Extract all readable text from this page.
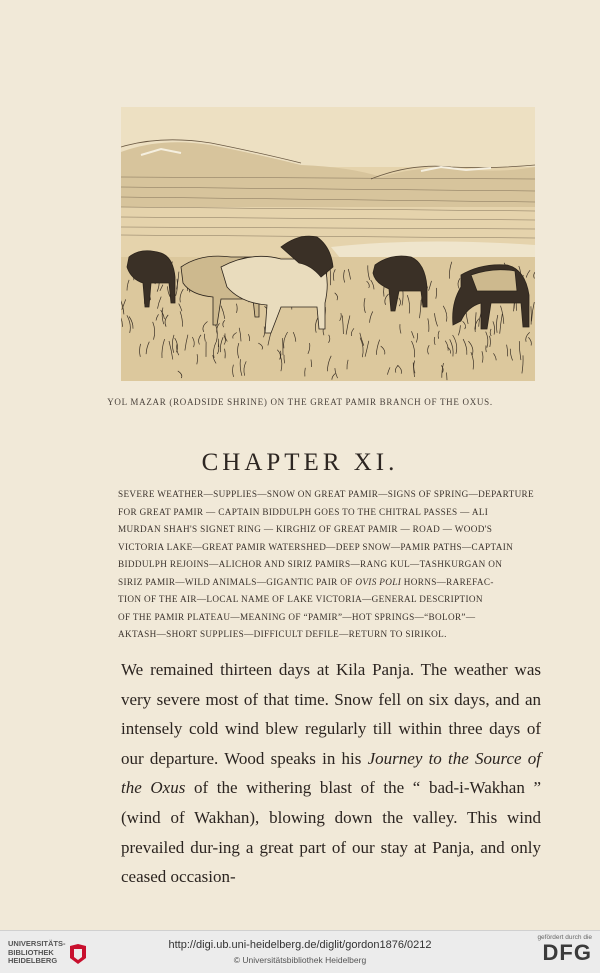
YOL MAZAR (ROADSIDE SHRINE) ON THE GREAT PAMIR BRANCH OF THE OXUS.
CHAPTER XI.
SEVERE WEATHER—SUPPLIES—SNOW ON GREAT PAMIR—SIGNS OF SPRING—DEPARTURE
FOR GREAT PAMIR — CAPTAIN BIDDULPH GOES TO THE CHITRAL PASSES — ALI
MURDAN SHAH'S SIGNET RING — KIRGHIZ OF GREAT PAMIR — ROAD — WOOD'S
VICTORIA LAKE—GREAT PAMIR WATERSHED—DEEP SNOW—PAMIR PATHS—CAPTAIN
BIDDULPH REJOINS—ALICHOR AND SIRIZ PAMIRS—RANG KUL—TASHKURGAN ON
SIRIZ PAMIR—WILD ANIMALS—GIGANTIC PAIR OF OVIS POLI HORNS—RAREFAC-
TION OF THE AIR—LOCAL NAME OF LAKE VICTORIA—GENERAL DESCRIPTION
OF THE PAMIR PLATEAU—MEANING OF “PAMIR”—HOT SPRINGS—“BOLOR”—
AKTASH—SHORT SUPPLIES—DIFFICULT DEFILE—RETURN TO SIRIKOL.
We remained thirteen days at Kila Panja. The weather was very severe most of that time. Snow fell on six days, and an intensely cold wind blew regularly till within three days of our departure. Wood speaks in his Journey to the Source of the Oxus of the withering blast of the “ bad-i-Wakhan ” (wind of Wakhan), blowing down the valley. This wind prevailed dur-ing a great part of our stay at Panja, and only ceased occasion-
UNIVERSITÄTS-
BIBLIOTHEK
HEIDELBERG
http://digi.ub.uni-heidelberg.de/diglit/gordon1876/0212
© Universitätsbibliothek Heidelberg
gefördert durch die
DFG
